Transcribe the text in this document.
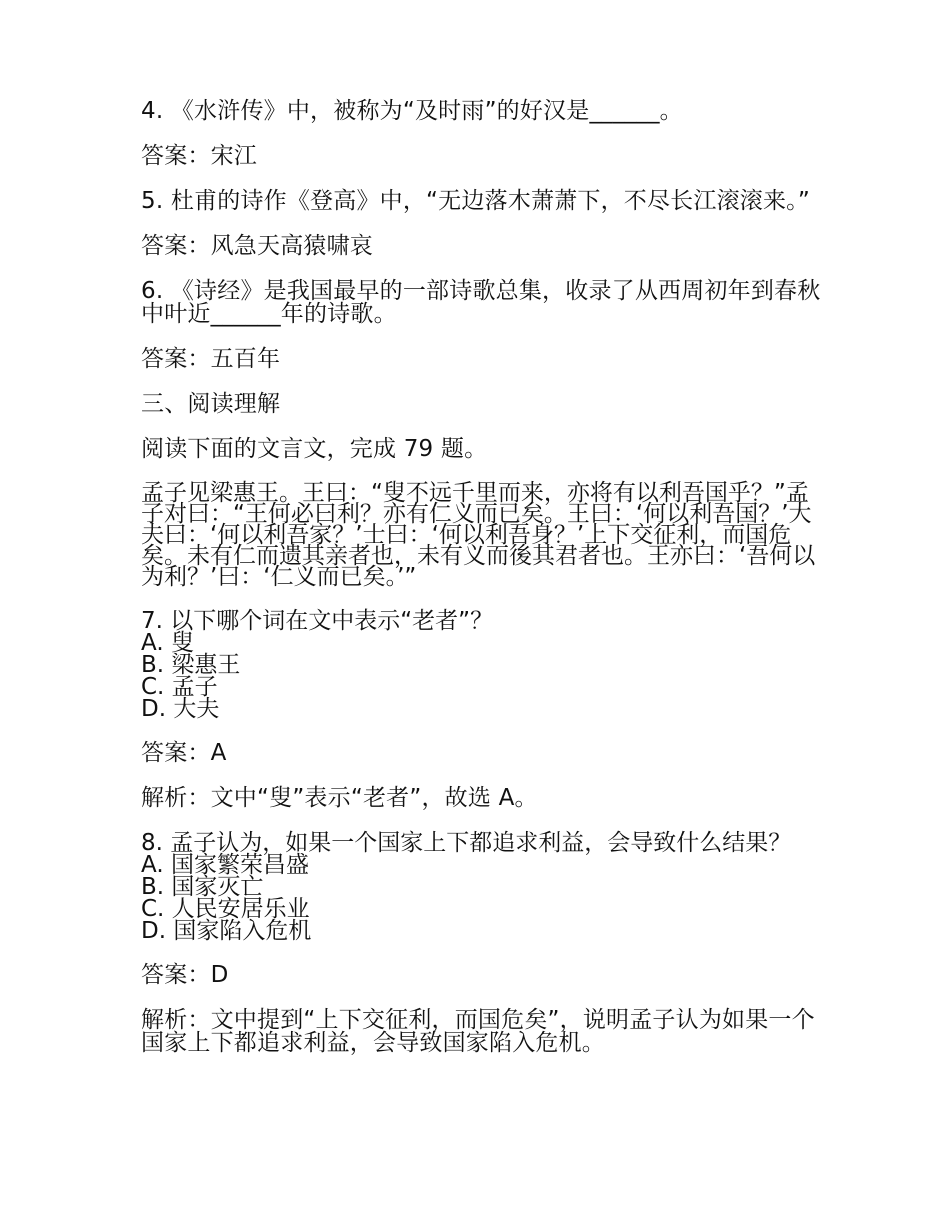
4. 《水浒传》中，被称为“及时雨”的好汉是______。

答案：宋江

5. 杜甫的诗作《登高》中，“无边落木萧萧下，不尽长江滚滚来。”

答案：风急天高猿啸哀

6. 《诗经》是我国最早的一部诗歌总集，收录了从西周初年到春秋中叶近______年的诗歌。

答案：五百年

三、阅读理解

阅读下面的文言文，完成 79 题。

孟子见梁惠王。王曰：“叟不远千里而来，亦将有以利吾国乎？”孟子对曰：“王何必曰利？亦有仁义而已矣。王曰：‘何以利吾国？’大夫曰：‘何以利吾家？’士曰：‘何以利吾身？’上下交征利，而国危矣。未有仁而遗其亲者也，未有义而後其君者也。王亦曰：‘吾何以为利？’曰：‘仁义而已矣。’”

7. 以下哪个词在文中表示“老者”？
A. 叟
B. 梁惠王
C. 孟子
D. 大夫

答案：A

解析：文中“叟”表示“老者”，故选 A。

8. 孟子认为，如果一个国家上下都追求利益，会导致什么结果？
A. 国家繁荣昌盛
B. 国家灭亡
C. 人民安居乐业
D. 国家陷入危机

答案：D

解析：文中提到“上下交征利，而国危矣”，说明孟子认为如果一个国家上下都追求利益，会导致国家陷入危机。
